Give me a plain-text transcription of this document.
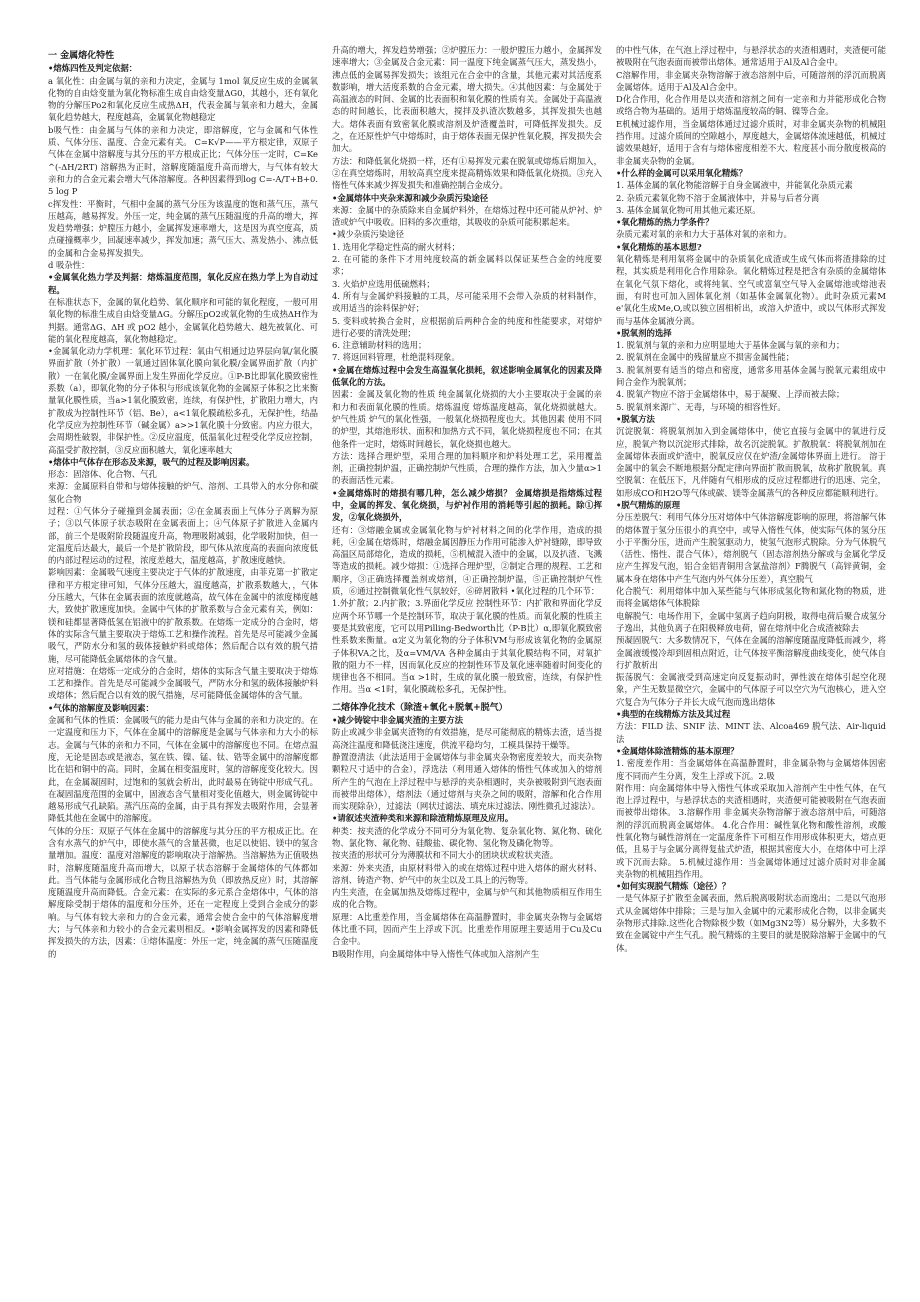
一 金属熔化特性

•熔炼四性及判定依据：

a 氧化性：由金属与氧的亲和力决定，金属与 1mol 氧反应生成的金属氧化物的自由焓变量为氧化物标准生成自由焓变量ΔG0，其越小，还有氧化物的分解压Po2和氧化反应生成热ΔH，代表金属与氧亲和力越大，金属氧化趋势越大，程度越高，金属氧化物越稳定

b吸气性：由金属与气体的亲和力决定，即溶解度，它与金属和气体性质、气体分压、温度、合金元素有关。 C=K√P——平方根定律，双原子气体在金属中溶解度与其分压的平方根成正比；气体分压一定时，C=Ke^(-ΔH/2RT) 溶解热为正时，溶解度随温度升高而增大，与气体有较大亲和力的合金元素会增大气体溶解度。各种因素得到log C=-A/T+B+0.5 log P

c挥发性：平衡时，气相中金属的蒸气分压为该温度的饱和蒸气压，蒸气压越高，越易挥发。外压一定，纯金属的蒸气压随温度的升高的增大，挥发趋势增强；炉膛压力越小，金属挥发速率增大，这是因为真空度高，质点碰撞概率少，回凝速率减少，挥发加速；蒸气压大、蒸发热小、沸点低的金属和合金易挥发损失。

d 吸杂性：

•金属氧化热力学及判据：熔炼温度范围，氧化反应在热力学上为自动过程。

在标准状态下，金属的氧化趋势、氧化顺序和可能的氧化程度，一般可用氧化物的标准生成自由焓变量ΔG。分解压pO2或氧化物的生成热ΔH作为判据。通常ΔG、ΔH 或 pO2 越小，金属氧化趋势越大、越先被氧化、可能的氧化程度越高，氧化物越稳定。

•金属氧化动力学机理：氧化环节过程：氧由气相通过边界层向氧/氧化膜界面扩散（外扩散）一氧通过固体氧化膜向氧化膜/金属界面扩散（内扩散）一在氧化膜/金属界面上发生界面化学反应。①P-B比即氧化膜致密性系数（a），即氧化物的分子体积与形成该氧化物的金属原子体积之比来衡量氧化膜性质，当a>1氧化膜致密，连续，有保护性，扩散阻力增大，内扩散成为控制性环节（铝、Be），a<1氧化膜疏松多孔，无保护性，结晶化学反应为控制性环节（碱金属）a>>1氧化膜十分致密。内应力很大，会周期性破裂，非保护性。②反应温度，低温氧化过程受化学反应控制，高温受扩散控制，③反应面积越大，氧化速率越大

•熔体中气体存在形态及来源，吸气的过程及影响因素。

形态：固溶体、化合物、气孔

来源：金属原料自带和与熔体接触的炉气、溶剂、工具带入的水分你和碳氢化合物

过程：①气体分子碰撞到金属表面；②在金属表面上气体分子离解为原子；③以气体原子状态吸附在金属表面上；④气体原子扩散进入金属内部，前三个是吸附阶段随温度升高，物理吸附减弱，化学吸附加快，但一定温度后达最大，最后一个是扩散阶段，即气体从浓度高的表面向浓度低的内部过程运动的过程，浓度差越大，温度越高，扩散速度越快。

影响因素：金属吸气速度主要决定于气体的扩散速度，由菲克第一扩散定律和平方根定律可知，气体分压越大，温度越高，扩散系数越大，，气体分压越大，气体在金属表面的浓度就越高，故气体在金属中的浓度梯度越大，致使扩散速度加快。金属中气体的扩散系数与合金元素有关，例如：镁和硅都显著降低氢在铝液中的扩散系数。在熔炼一定成分的合金时，熔体的实际含气量主要取决于熔炼工艺和操作流程。首先是尽可能减少金属吸气，严防水分和氢的载体接触炉料或熔体；然后配合以有效的脱气措施，尽可能降低金属熔体的含气量。

应对措施：在熔炼一定成分的合金时，熔体的实际含气量主要取决于熔炼工艺和操作。首先是尽可能减少金属吸气，严防水分和氢的载体接触炉料或熔体；然后配合以有效的脱气措施，尽可能降低金属熔体的含气量。

•气体的溶解度及影响因素：

金属和气体的性质：金属吸气的能力是由气体与金属的亲和力决定的。在一定温度和压力下，气体在金属中的溶解度是金属与气体亲和力大小的标志。金属与气体的亲和力不同，气体在金属中的溶解度也不同。在熔点温度，无论是固态或是液态，氢在铁、镍、锰、钛、锆等金属中的溶解度都比在铝和铜中的高。同时，金属在相变温度时，氢的溶解度变化较大。因此，在金属凝固时，过饱和的氢就会析出，此时最易在铸锭中形成气孔。在凝固温度范围的金属中，固液态含气量相对变化值越大，则金属铸锭中越易形成气孔缺陷。蒸汽压高的金属，由于具有挥发去吸附作用，会显著降低其他在金属中的溶解度。

气体的分压：双原子气体在金属中的溶解度与其分压的平方根成正比。在含有水蒸气的炉气中，即使水蒸气的含量甚微，也足以使铝、镁中的氢含量增加。温度：温度对溶解度的影响取决于溶解热。当溶解热为正值吸热时，溶解度随温度升高而增大，以原子状态溶解于金属熔体的气体都如此。当气体能与金属形成化合物且溶解热为负（即放热反应）时，其溶解度随温度升高而降低。合金元素：在实际的多元系合金熔体中，气体的溶解度除受制于熔体的温度和分压外，还在一定程度上受到合金成分的影响。与气体有较大亲和力的合金元素，通常会使合金中的气体溶解度增大；与气体亲和力较小的合金元素则相反。•影响金属挥发的因素和降低挥发损失的方法，因素：①熔体温度：外压一定，纯金属的蒸气压随温度的

升高的增大，挥发趋势增强；②炉膛压力：一般炉膛压力越小，金属挥发速率增大；③金属及合金元素：同一温度下纯金属蒸气压大，蒸发热小，沸点低的金属易挥发损失；该组元在合金中的含量，其他元素对其活度系数影响，增大活度系数的合金元素，增大损失。④其他因素：与金属处于高温液态的时间、金属的比表面积和氧化膜的性质有关。金属处于高温液态的时间越长，比表面积越大，搅拌及扒渣次数越多，其挥发损失也越大。熔体表面有致密氧化膜或溶剂及炉渣覆盖时，可降低挥发损失。反之，在还原性炉气中熔炼时，由于熔体表面无保护性氧化膜，挥发损失会加大。

方法：和降低氧化烧损一样，还有①易挥发元素在脱氧或熔炼后期加入，②在真空熔炼时，用较高真空度来提高精炼效果和降低氧化烧损。③充入惰性气体来减少挥发损失和准确控制合金成分。

•金属熔体中夹杂来源和减少杂质污染途径

来源：金属中的杂质除来自金属炉料外，在熔炼过程中还可能从炉衬、炉渣或炉气中吸收。旧料的多次重熔，其吸收的杂质可能积累起来。

•减少杂质污染途径

1. 选用化学稳定性高的耐火材料；

2. 在可能的条件下才用纯度较高的新金属料以保证某些合金的纯度要求；

3. 火焰炉应选用低硫燃料；

4. 所有与金属炉料接触的工具，尽可能采用不会带入杂质的材料制作，或用适当的涂料保护好；

5. 变料或转换合金时，应根据前后两种合金的纯度和性能要求，对熔炉进行必要的清洗处理；

6. 注意辅助材料的选用；

7. 将返回料管理，杜绝混料现象。

•金属在熔炼过程中会发生高温氧化损耗，叙述影响金属氧化的因素及降低氧化的方法。

因素：金属及氧化物的性质 纯金属氧化烧损的大小主要取决于金属的亲和力和表面氧化膜的性质。熔炼温度 熔炼温度越高，氧化烧损就越大。炉气性质 炉气的氧化性强，一般氧化烧损程度也大。其他因素 使用不同的炉型，其熔池形状、面积和加热方式不同，氧化烧损程度也不同；在其他条件一定时，熔炼时间越长，氧化烧损也越大。

方法：选择合理炉型，采用合理的加料顺序和炉料处理工艺，采用覆盖剂，正确控制炉温，正确控制炉气性质，合理的操作方法，加入少量α>1的表面活性元素。

•金属熔炼时的熔损有哪几种，怎么减少熔损？ 金属熔损是指熔炼过程中，金属的挥发、氧化烧损，与炉衬作用的消耗等引起的损耗。除①挥发，②氧化烧损外，

还有：③熔融金属或金属氧化物与炉衬材料之间的化学作用，造成的损耗，④金属在熔炼时，熔融金属因静压力作用可能渗入炉衬缝隙，即导致高温区局部熔化，造成的损耗，⑤机械混入渣中的金属，以及扒渣、飞溅等造成的损耗。减少熔损：①选择合理炉型，②制定合理的规程、工艺和顺序，③正确选择覆盖剂或熔剂，④正确控制炉温，⑤正确控制炉气性质，⑥通过控制微氧化性气氛较好，⑥碎屑散料 •氧化过程的几个环节：

1.外扩散；2.内扩散；3.界面化学反应 控制性环节：内扩散和界面化学反应两个环节哪一个是控制环节，取决于氧化膜的性质。而氧化膜的性质主要是其致密度，它可以用Pilling-Bedworth比（P-B比）α,即氧化膜致密性系数来衡量。α定义为氧化物的分子体积VM与形成该氧化物的金属原子体积VA之比，及α=VM/VA 各种金属由于其氧化膜结构不同，对氧扩散的阻力不一样，因而氧化反应的控制性环节及氧化速率随着时间变化的规律也各不相同。当α >1时，生成的氧化膜一般致密，连续，有保护性作用。当α <1时，氧化膜疏松多孔，无保护性。

二熔体净化技术（除渣+氧化+脱氧+脱气）

•减少铸锭中非金属夹渣的主要方法

防止或减少非金属夹渣物的有效措施，是尽可能彻底的精炼去渣，适当提高浇注温度和降低浇注速度，供流平稳均匀，工模具保持干燥等。

静置澄清法（此法适用于金属熔体与非金属夹杂物密度差较大，而夹杂物颗粒尺寸适中的合金），浮选法（利用通入熔体的惰性气体或加入的熔剂所产生的气泡在上浮过程中与悬浮的夹杂相遇时，夹杂被吸附到气泡表面而被带出熔体），熔剂法（通过熔剂与夹杂之间的吸附，溶解和化合作用而实现除杂），过滤法（网状过滤法、填充床过滤法、刚性微孔过滤法）。

•请叙述夹渣种类和来源和除渣精炼原理及应用。

种类：按夹渣的化学成分不同可分为氧化物、复杂氧化物、氮化物、硫化物、氯化物、氟化物、硅酸盐、碳化物、氢化物及磷化物等。

按夹渣的形状可分为薄膜状和不同大小的团块状或粒状夹渣。

来源：外来夹渣，由原材料带入的或在熔炼过程中进入熔体的耐火材料、溶剂、铸造产物、炉气中的灰尘以及工具上的污物等。

内生夹渣，在金属加热及熔炼过程中，金属与炉气和其他物质相互作用生成的化合物。

原理：A比重差作用，当金属熔体在高温静置时，非金属夹杂物与金属熔体比重不同，因而产生上浮或下沉。比重差作用原理主要适用于Cu及Cu合金中。

B吸附作用，向金属熔体中导入惰性气体或加入溶剂产生

的中性气体，在气泡上浮过程中，与悬浮状态的夹渣相遇时，夹渣便可能被吸附在气泡表面而被带出熔体。通常适用于Al及Al合金中。

C溶解作用，非金属夹杂物溶解于液态溶剂中后，可随溶剂的浮沉而脱离金属熔体。适用于Al及Al合金中。

D化合作用，化合作用是以夹渣和溶剂之间有一定亲和力并能形成化合物或络合物为基础的。适用于熔炼温度较高的铜、镍等合金。

E机械过滤作用，当金属熔体通过过滤介质时，对非金属夹杂物的机械阻挡作用。过滤介质间的空隙越小，厚度越大，金属熔体流速越低，机械过滤效果越好，适用于含有与熔体密度相差不大、粒度甚小而分散度极高的非金属夹杂物的金属。

•什么样的金属可以采用氧化精炼？

1. 基体金属的氧化物能溶解于自身金属液中，并能氧化杂质元素

2. 杂质元素氧化物不溶于金属液体中，并易与后者分离

3. 基体金属氧化物可用其他元素还原。

•氧化精炼的热力学条件？

杂质元素对氧的亲和力大于基体对氧的亲和力。

•氧化精炼的基本思想?

氧化精炼是利用氧将金属中的杂质氧化成渣或生成气体而将渣排除的过程，其实质是利用化合作用除杂。氧化精炼过程是把含有杂质的金属熔体在氧化气氛下熔化，或将纯氧、空气或富氧空气导入金属熔池或熔池表面，有时也可加入固体氧化剂（如基体金属氧化物）。此时杂质元素Me'氧化生成Me,O,或以独立固相析出，或溶入炉渣中，或以气体形式挥发而与基体金属液分离。

•脱氧剂的选择

1. 脱氧剂与氧的亲和力应明显地大于基体金属与氧的亲和力；

2. 脱氧剂在金属中的残留量应不损害金属性能；

3. 脱氧剂要有适当的熔点和密度，通常多用基体金属与脱氧元素组成中间合金作为脱氧剂；

4. 脱氧产物应不溶于金属熔体中，易于凝聚、上浮而被去除；

5. 脱氧剂来源广、无毒，与环境的相容性好。

•脱氧方法

沉淀脱氧：将脱氧剂加入到金属熔体中，使它直接与金属中的氧进行反应，脱氧产物以沉淀形式排除，故名沉淀脱氧。扩散脱氧：将脱氧剂加在金属熔体表面或炉渣中，脱氧反应仅在炉渣/金属熔体界面上进行。 溶于金属中的氧会不断地根据分配定律向界面扩散而脱氧，故称扩散脱氧。真空脱氧：在低压下，凡伴随有气相形成的反应过程都进行的迅速、完全，如形成CO和H2O等气体或碳、镁等金属蒸气的各种反应都能顺利进行。

•脱气精炼的原理

分压差脱气：利用气体分压对熔体中气体溶解度影响的原理，将溶解气体的熔体置于氢分压很小的真空中，或导入惰性气体，使实际气体的氢分压小于平衡分压，进而产生脱氢驱动力，使氢气泡形式脱除。分为气体脱气（活性、惰性、混合气体），熔剂脱气（固态溶剂热分解或与金属化学反应产生挥发气泡，铝合金铝青铜用含氯盐溶剂）F腾脱气（高锌黄铜，金属本身在熔体中产生气泡内外气体分压差），真空脱气

化合脱气：利用熔体中加入某些能与气体形成氢化物和氮化物的物质，进而将金属熔体气体脱除

电解脱气：电场作用下，金属中氢离子趋向阴极，取得电荷后聚合成氢分子逸出，其他负离子在阳极释放电荷，留在熔剂中化合成渣被除去

预凝固脱气：大多数情况下，气体在金属的溶解度随温度降低而减少，将金属液缓慢冷却到固相点附近，让气体按平衡溶解度曲线变化，使气体自行扩散析出

振荡脱气：金属液受到高速定向反复振动时，弹性波在熔体引起空化现象，产生无数显微空穴，金属中的气体原子可以空穴为气泡核心，进入空穴复合为气体分子并长大成气泡而逸出熔体

•典型的在线精炼方法及其过程

方法：FILD 法、SNIF 法、MINT 法、Alcoa469 脱气法、Air-liquid 法

•金属熔体除渣精炼的基本原理？

1. 密度差作用：当金属熔体在高温静置时，非金属杂物与金属熔体因密度不同而产生分离，发生上浮或下沉。2.吸

附作用：向金属熔体中导入惰性气体或采取加入溶剂产生中性气体，在气泡上浮过程中，与悬浮状态的夹渣相遇时，夹渣便可能被吸附在气泡表面而被带出熔体。 3.溶解作用 非金属夹杂物溶解于液态溶剂中后，可随溶剂的浮沉而脱离金属熔体。 4.化合作用：碱性氧化物和酸性溶剂，或酸性氧化物与碱性溶剂在一定温度条件下可相互作用形成体积更大，熔点更低，且易于与金属分离得复盐式炉渣，根据其密度大小，在熔体中可上浮或下沉而去除。 5.机械过滤作用：当金属熔体通过过滤介质时对非金属夹杂物的机械阻挡作用。

•如何实现脱气精炼（途径）？

一是气体原子扩散至金属表面，然后脱离吸附状态而逸出；二是以气泡形式从金属熔体中排除；三是与加入金属中的元素形成化合物，以非金属夹杂物形式排除.这些化合物除极少数（如Mg3N2等）易分解外，大多数不致在金属锭中产生气孔。脱气精炼的主要目的就是脱除溶解于金属中的气体。
